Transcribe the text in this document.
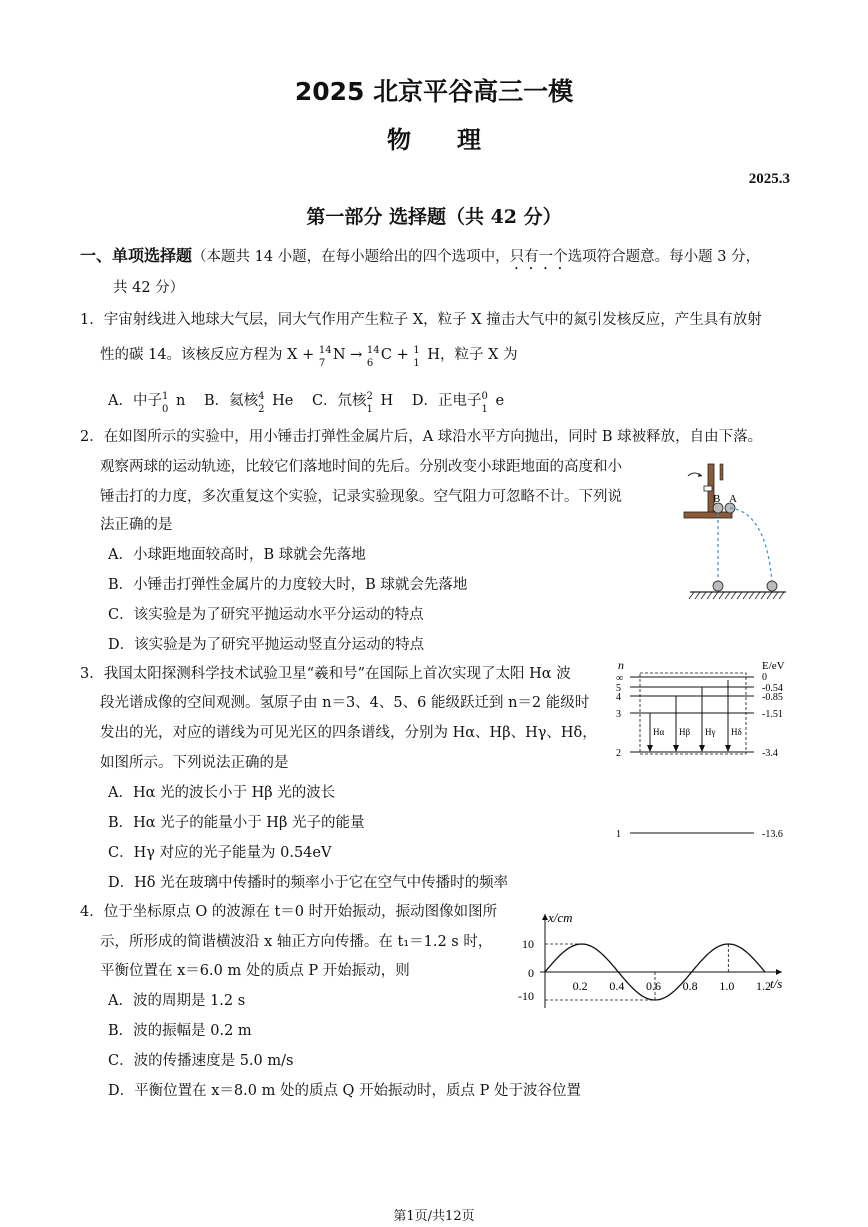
2025 北京平谷高三一模
物理
2025.3
第一部分 选择题（共 42 分）
一、单项选择题（本题共 14 小题，在每小题给出的四个选项中，只有一个选项符合题意。每小题 3 分，
共 42 分）
1．宇宙射线进入地球大气层，同大气作用产生粒子 X，粒子 X 撞击大气中的氮引发核反应，产生具有放射
性的碳 14。该核反应方程为 X + 14
7
N → 14
6
C + 1
1
H，粒子 X 为
A．中子 1
0
n B．氦核 4
2
He C．氘核 2
1
H D．正电子 0
1
e
2．在如图所示的实验中，用小锤击打弹性金属片后，A 球沿水平方向抛出，同时 B 球被释放，自由下落。
观察两球的运动轨迹，比较它们落地时间的先后。分别改变小球距地面的高度和小
锤击打的力度，多次重复这个实验，记录实验现象。空气阻力可忽略不计。下列说
法正确的是
A．小球距地面较高时，B 球就会先落地
B．小锤击打弹性金属片的力度较大时，B 球就会先落地
C．该实验是为了研究平抛运动水平分运动的特点
D．该实验是为了研究平抛运动竖直分运动的特点
B A
3．我国太阳探测科学技术试验卫星“羲和号”在国际上首次实现了太阳 Hα 波
段光谱成像的空间观测。氢原子由 n＝3、4、5、6 能级跃迁到 n＝2 能级时
发出的光，对应的谱线为可见光区的四条谱线，分别为 Hα、Hβ、Hγ、Hδ，
如图所示。下列说法正确的是
A．Hα 光的波长小于 Hβ 光的波长
B．Hα 光子的能量小于 Hβ 光子的能量
C．Hγ 对应的光子能量为 0.54eV
D．Hδ 光在玻璃中传播时的频率小于它在空气中传播时的频率
n	E/eV
∞	0
5	-0.54
4	-0.85
3	-1.51
2	-3.4
1	-13.6
Hα Hβ Hγ Hδ
4．位于坐标原点 O 的波源在 t＝0 时开始振动，振动图像如图所
示，所形成的简谐横波沿 x 轴正方向传播。在 t₁＝1.2 s 时，
平衡位置在 x＝6.0 m 处的质点 P 开始振动，则
A．波的周期是 1.2 s
B．波的振幅是 0.2 m
C．波的传播速度是 5.0 m/s
D．平衡位置在 x＝8.0 m 处的质点 Q 开始振动时，质点 P 处于波谷位置
x/cm
t/s
0
10
-10
0.2 0.4 0.6 0.8 1.0 1.2
第1页/共12页
